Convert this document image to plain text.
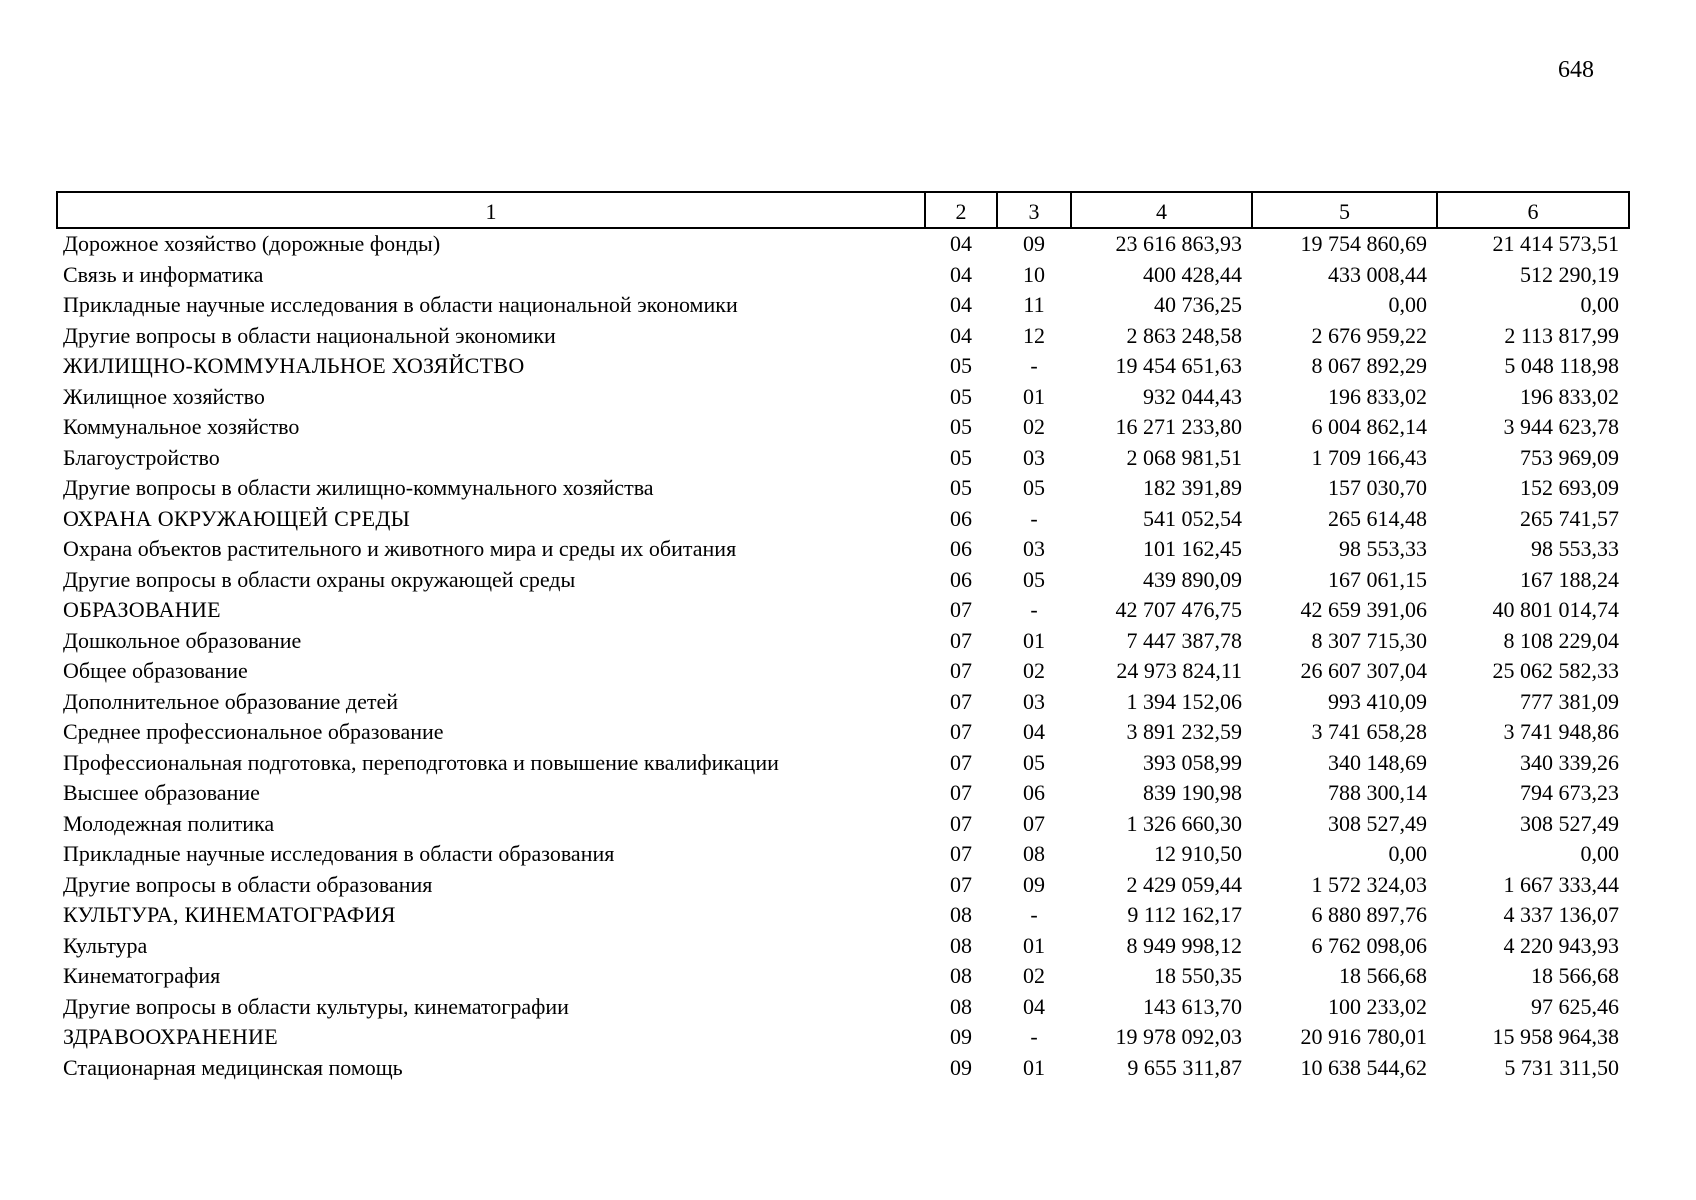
648
1	2	3	4	5	6
Дорожное хозяйство (дорожные фонды)	04	09	23 616 863,93	19 754 860,69	21 414 573,51
Связь и информатика	04	10	400 428,44	433 008,44	512 290,19
Прикладные научные исследования в области национальной экономики	04	11	40 736,25	0,00	0,00
Другие вопросы в области национальной экономики	04	12	2 863 248,58	2 676 959,22	2 113 817,99
ЖИЛИЩНО-КОММУНАЛЬНОЕ ХОЗЯЙСТВО	05	-	19 454 651,63	8 067 892,29	5 048 118,98
Жилищное хозяйство	05	01	932 044,43	196 833,02	196 833,02
Коммунальное хозяйство	05	02	16 271 233,80	6 004 862,14	3 944 623,78
Благоустройство	05	03	2 068 981,51	1 709 166,43	753 969,09
Другие вопросы в области жилищно-коммунального хозяйства	05	05	182 391,89	157 030,70	152 693,09
ОХРАНА ОКРУЖАЮЩЕЙ СРЕДЫ	06	-	541 052,54	265 614,48	265 741,57
Охрана объектов растительного и животного мира и среды их обитания	06	03	101 162,45	98 553,33	98 553,33
Другие вопросы в области охраны окружающей среды	06	05	439 890,09	167 061,15	167 188,24
ОБРАЗОВАНИЕ	07	-	42 707 476,75	42 659 391,06	40 801 014,74
Дошкольное образование	07	01	7 447 387,78	8 307 715,30	8 108 229,04
Общее образование	07	02	24 973 824,11	26 607 307,04	25 062 582,33
Дополнительное образование детей	07	03	1 394 152,06	993 410,09	777 381,09
Среднее профессиональное образование	07	04	3 891 232,59	3 741 658,28	3 741 948,86
Профессиональная подготовка, переподготовка и повышение квалификации	07	05	393 058,99	340 148,69	340 339,26
Высшее образование	07	06	839 190,98	788 300,14	794 673,23
Молодежная политика	07	07	1 326 660,30	308 527,49	308 527,49
Прикладные научные исследования в области образования	07	08	12 910,50	0,00	0,00
Другие вопросы в области образования	07	09	2 429 059,44	1 572 324,03	1 667 333,44
КУЛЬТУРА, КИНЕМАТОГРАФИЯ	08	-	9 112 162,17	6 880 897,76	4 337 136,07
Культура	08	01	8 949 998,12	6 762 098,06	4 220 943,93
Кинематография	08	02	18 550,35	18 566,68	18 566,68
Другие вопросы в области культуры, кинематографии	08	04	143 613,70	100 233,02	97 625,46
ЗДРАВООХРАНЕНИЕ	09	-	19 978 092,03	20 916 780,01	15 958 964,38
Стационарная медицинская помощь	09	01	9 655 311,87	10 638 544,62	5 731 311,50
